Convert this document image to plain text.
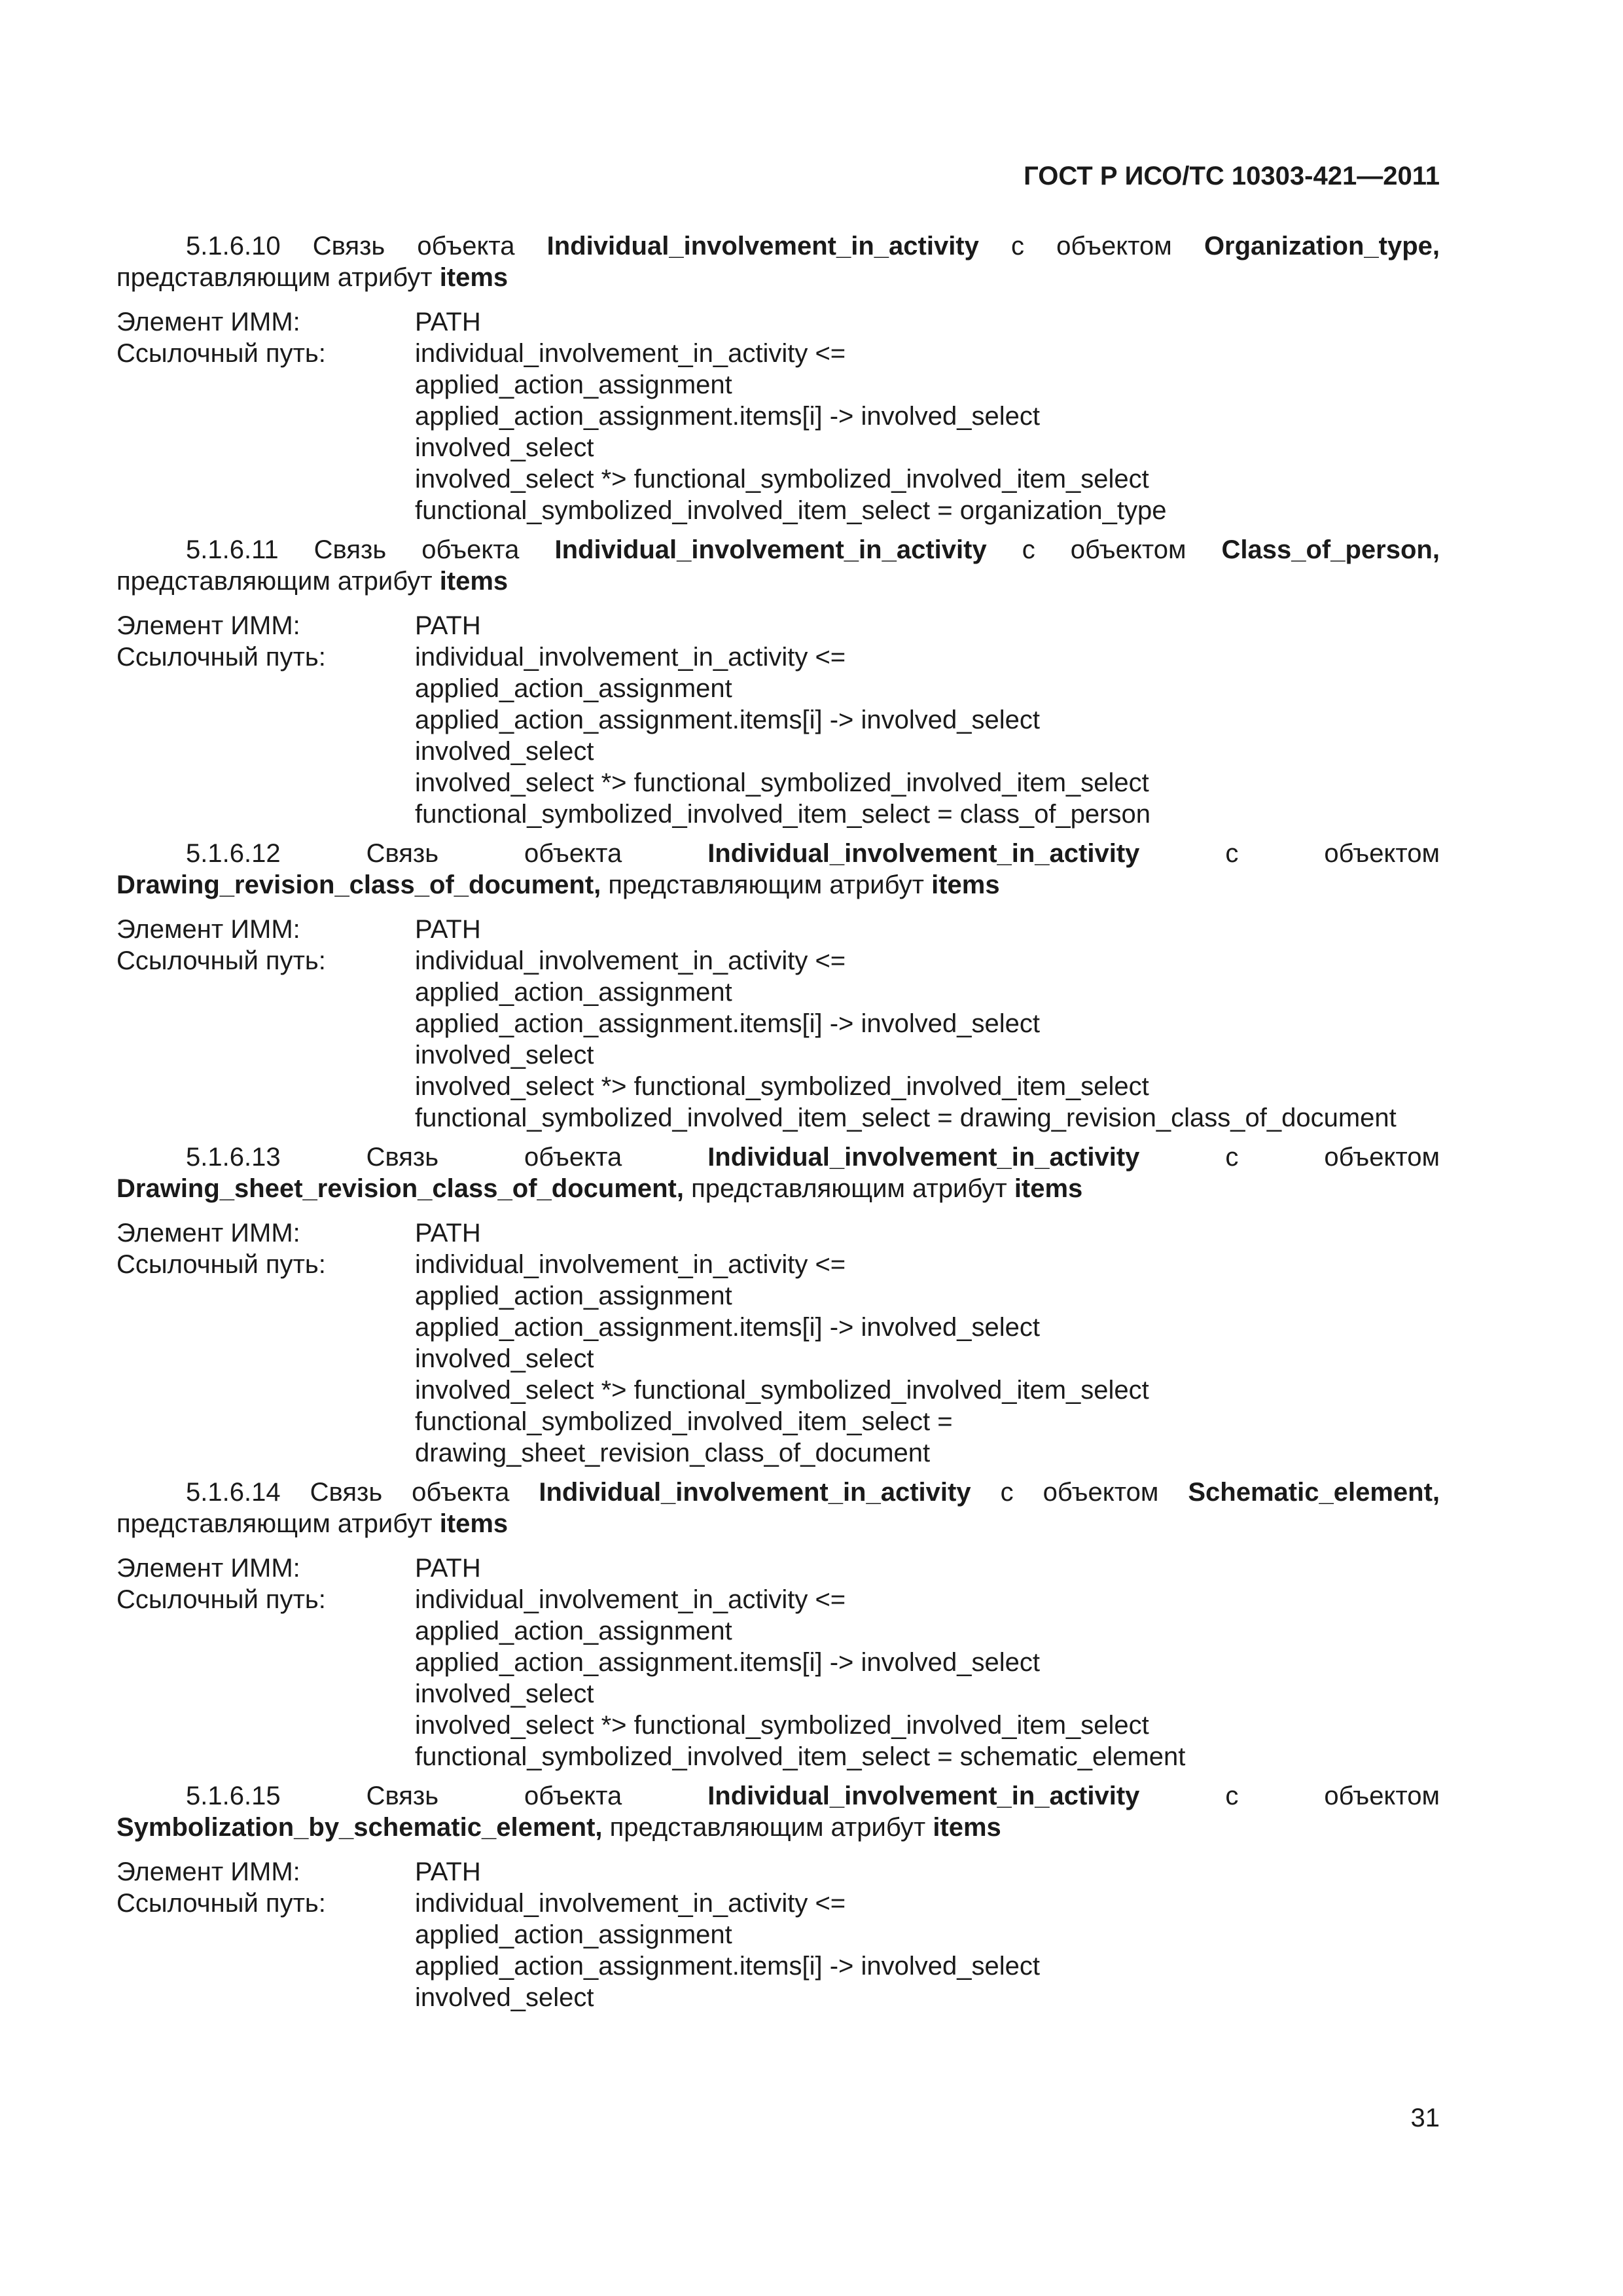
ГОСТ Р ИСО/ТС 10303-421—2011

5.1.6.10 Связь объекта Individual_involvement_in_activity с объектом Organization_type, представляющим атрибут items

Элемент ИММ:	PATH
Ссылочный путь:	individual_involvement_in_activity <=
applied_action_assignment
applied_action_assignment.items[i] -> involved_select
involved_select
involved_select *> functional_symbolized_involved_item_select
functional_symbolized_involved_item_select = organization_type

5.1.6.11 Связь объекта Individual_involvement_in_activity с объектом Class_of_person, представляющим атрибут items

Элемент ИММ:	PATH
Ссылочный путь:	individual_involvement_in_activity <=
applied_action_assignment
applied_action_assignment.items[i] -> involved_select
involved_select
involved_select *> functional_symbolized_involved_item_select
functional_symbolized_involved_item_select = class_of_person

5.1.6.12	Связь объекта	Individual_involvement_in_activity	с объектом Drawing_revision_class_of_document, представляющим атрибут items

Элемент ИММ:	PATH
Ссылочный путь:	individual_involvement_in_activity <=
applied_action_assignment
applied_action_assignment.items[i] -> involved_select
involved_select
involved_select *> functional_symbolized_involved_item_select
functional_symbolized_involved_item_select = drawing_revision_class_of_document

5.1.6.13	Связь объекта	Individual_involvement_in_activity	с объектом Drawing_sheet_revision_class_of_document, представляющим атрибут items

Элемент ИММ:	PATH
Ссылочный путь:	individual_involvement_in_activity <=
applied_action_assignment
applied_action_assignment.items[i] -> involved_select
involved_select
involved_select *> functional_symbolized_involved_item_select
functional_symbolized_involved_item_select =
drawing_sheet_revision_class_of_document

5.1.6.14 Связь объекта Individual_involvement_in_activity с объектом Schematic_element, представляющим атрибут items

Элемент ИММ:	PATH
Ссылочный путь:	individual_involvement_in_activity <=
applied_action_assignment
applied_action_assignment.items[i] -> involved_select
involved_select
involved_select *> functional_symbolized_involved_item_select
functional_symbolized_involved_item_select = schematic_element

5.1.6.15	Связь объекта	Individual_involvement_in_activity	с объектом Symbolization_by_schematic_element, представляющим атрибут items

Элемент ИММ:	PATH
Ссылочный путь:	individual_involvement_in_activity <=
applied_action_assignment
applied_action_assignment.items[i] -> involved_select
involved_select
31
